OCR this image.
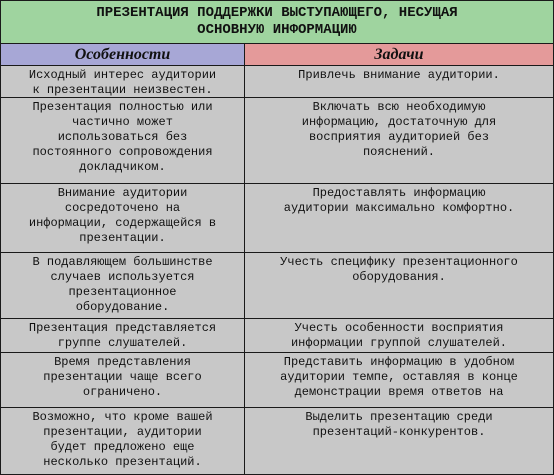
ПРЕЗЕНТАЦИЯ ПОДДЕРЖКИ ВЫСТУПАЮЩЕГО, НЕСУЩАЯ
ОСНОВНУЮ ИНФОРМАЦИЮ
Особенности	Задачи
Исходный интерес аудитории
к презентации неизвестен.
Привлечь внимание аудитории.
Презентация полностью или
частично может
использоваться без
постоянного сопровождения
докладчиком.
Включать всю необходимую
информацию, достаточную для
восприятия аудиторией без
пояснений.
Внимание аудитории
сосредоточено на
информации, содержащейся в
презентации.
Предоставлять информацию
аудитории максимально комфортно.
В подавляющем большинстве
случаев используется
презентационное
оборудование.
Учесть специфику презентационного
оборудования.
Презентация представляется
группе слушателей.
Учесть особенности восприятия
информации группой слушателей.
Время представления
презентации чаще всего
ограничено.
Представить информацию в удобном
аудитории темпе, оставляя в конце
демонстрации время ответов на
Возможно, что кроме вашей
презентации, аудитории
будет предложено еще
несколько презентаций.
Выделить презентацию среди
презентаций-конкурентов.
